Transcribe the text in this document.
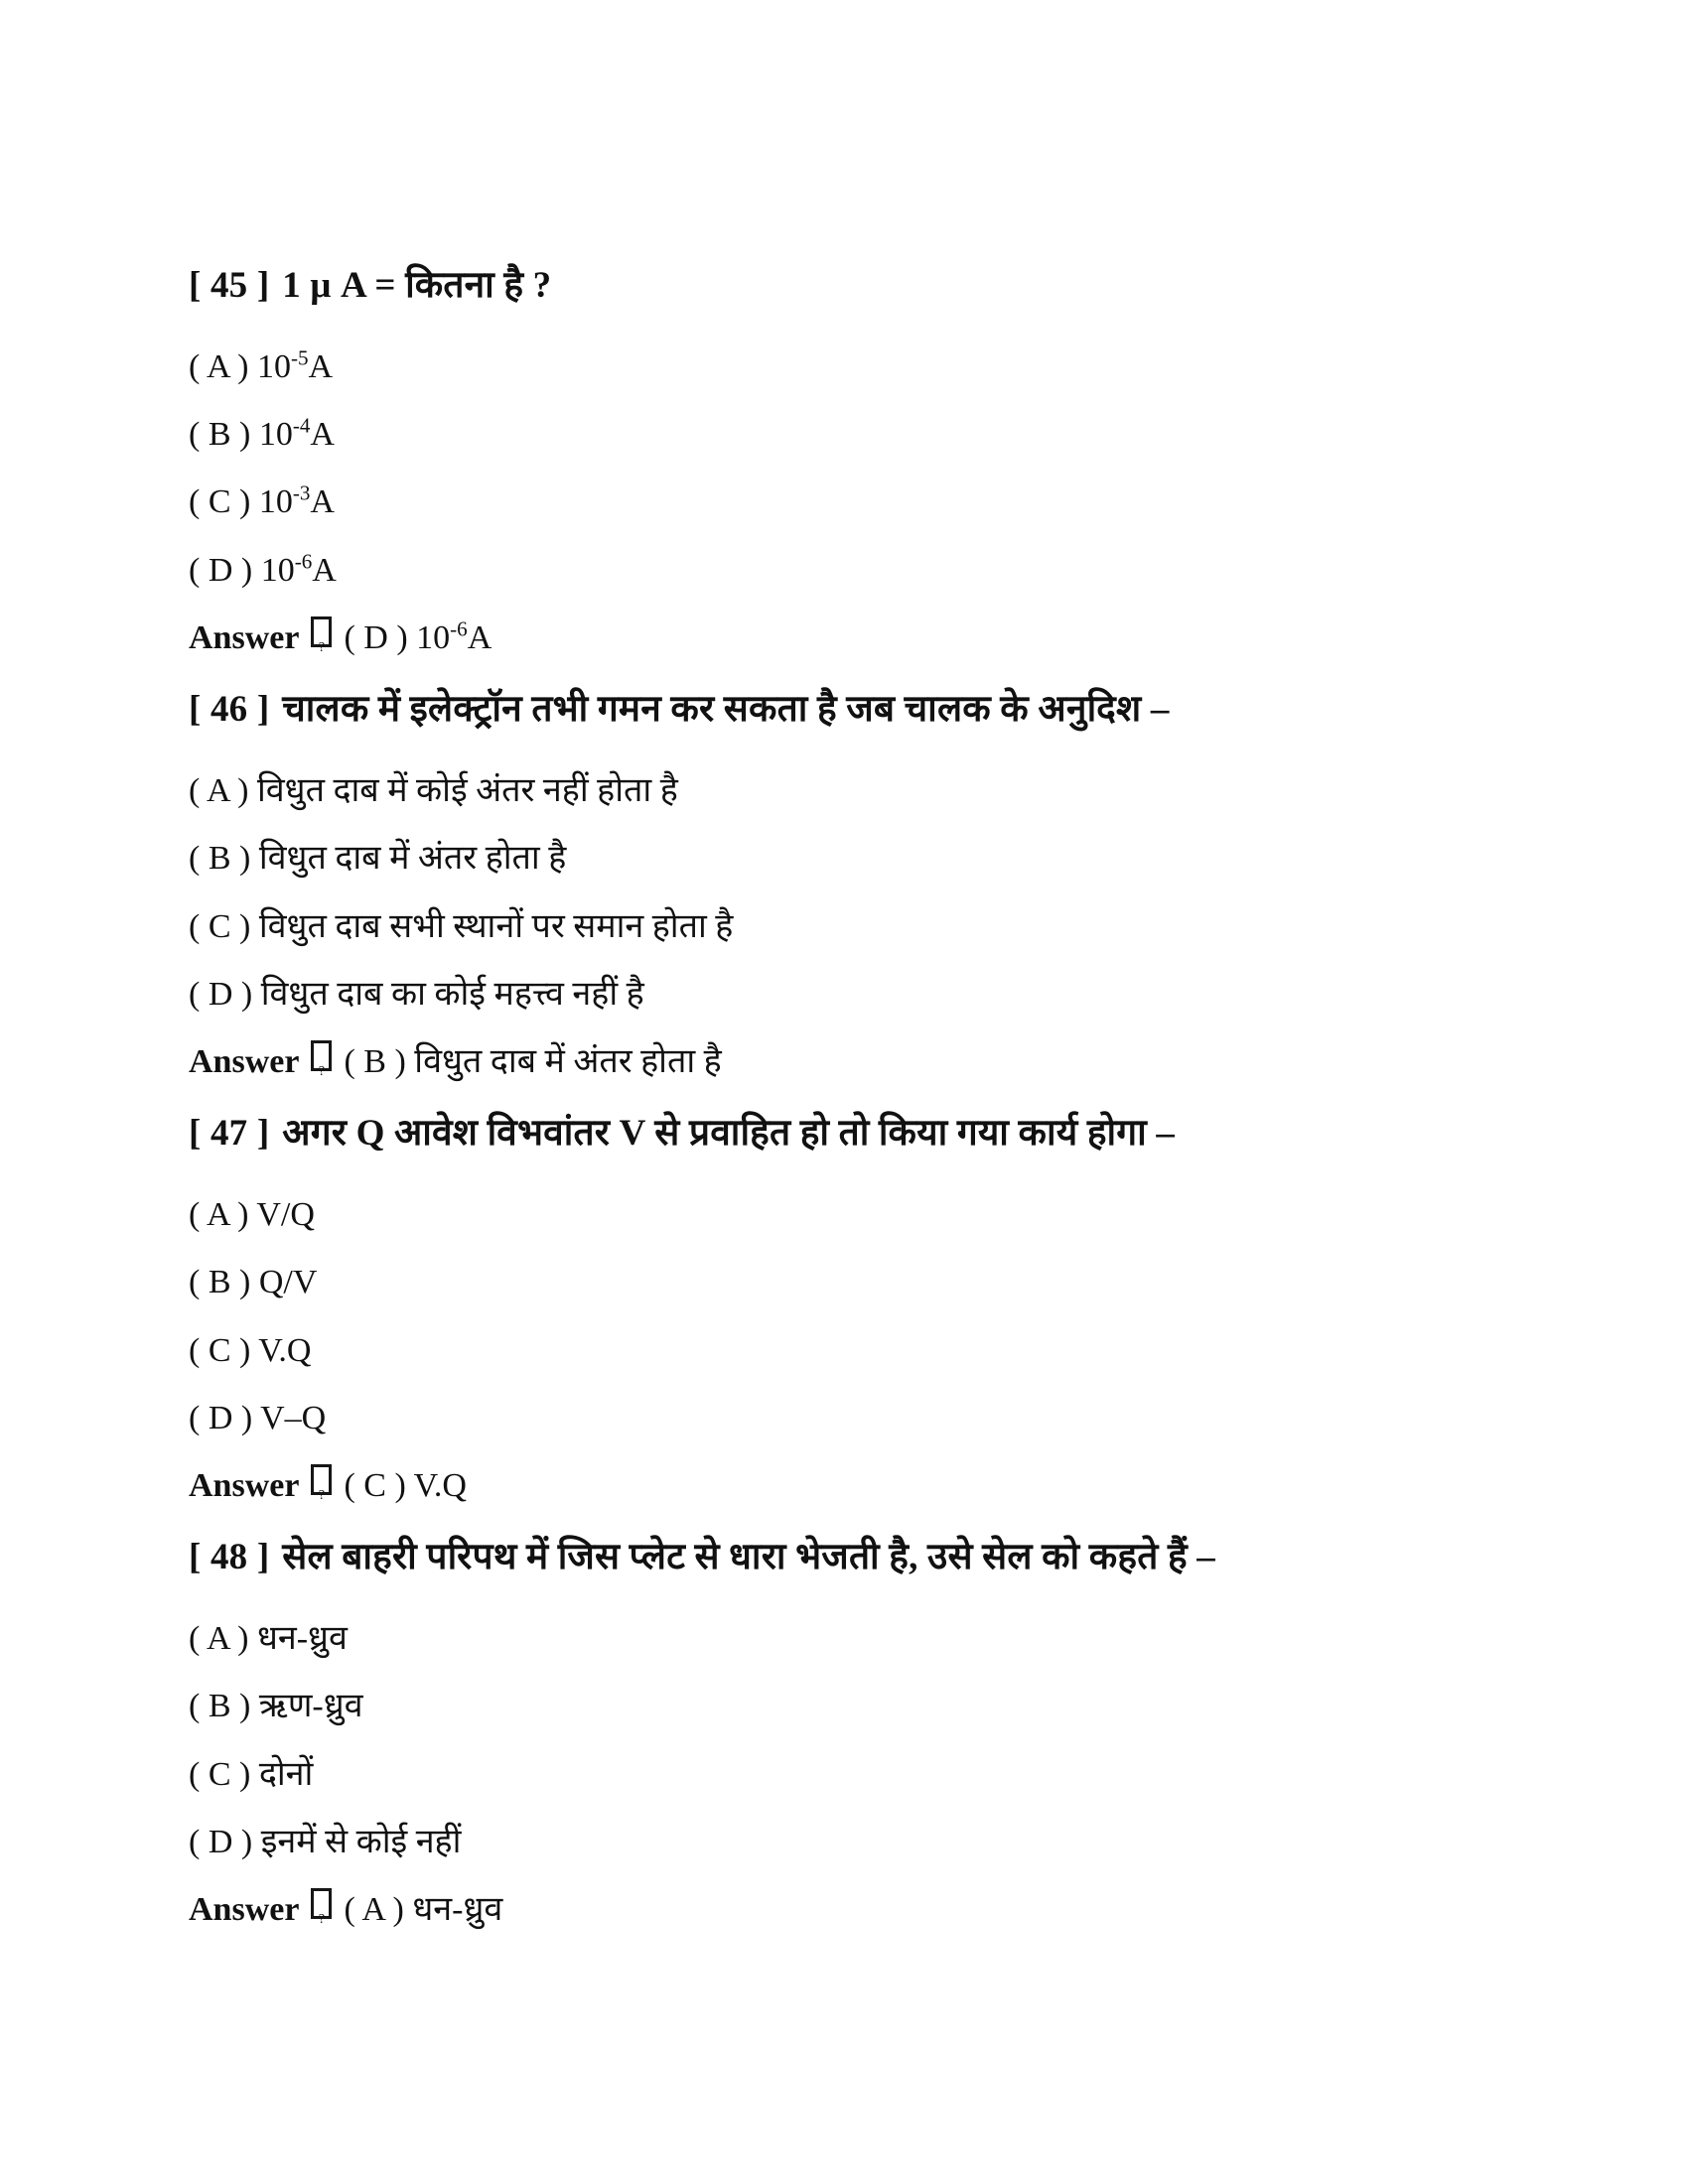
[ 45 ] 1 μ A = कितना है ?

( A ) $10^{-5}A$

( B ) $10^{-4}A$

( C ) $10^{-3}A$

( D ) $10^{-6}A$

Answer ? ( D ) $10^{-6}A$

[ 46 ] चालक में इलेक्ट्रॉन तभी गमन कर सकता है जब चालक के अनुदिश –

( A ) विधुत दाब में कोई अंतर नहीं होता है

( B ) विधुत दाब में अंतर होता है

( C ) विधुत दाब सभी स्थानों पर समान होता है

( D ) विधुत दाब का कोई महत्त्व नहीं है

Answer ? ( B ) विधुत दाब में अंतर होता है

[ 47 ] अगर Q आवेश विभवांतर V से प्रवाहित हो तो किया गया कार्य होगा –

( A ) V/Q

( B ) Q/V

( C ) V.Q

( D ) V–Q

Answer ? ( C ) V.Q

[ 48 ] सेल बाहरी परिपथ में जिस प्लेट से धारा भेजती है, उसे सेल को कहते हैं –

( A ) धन-ध्रुव

( B ) ऋण-ध्रुव

( C ) दोनों

( D ) इनमें से कोई नहीं

Answer ? ( A ) धन-ध्रुव
